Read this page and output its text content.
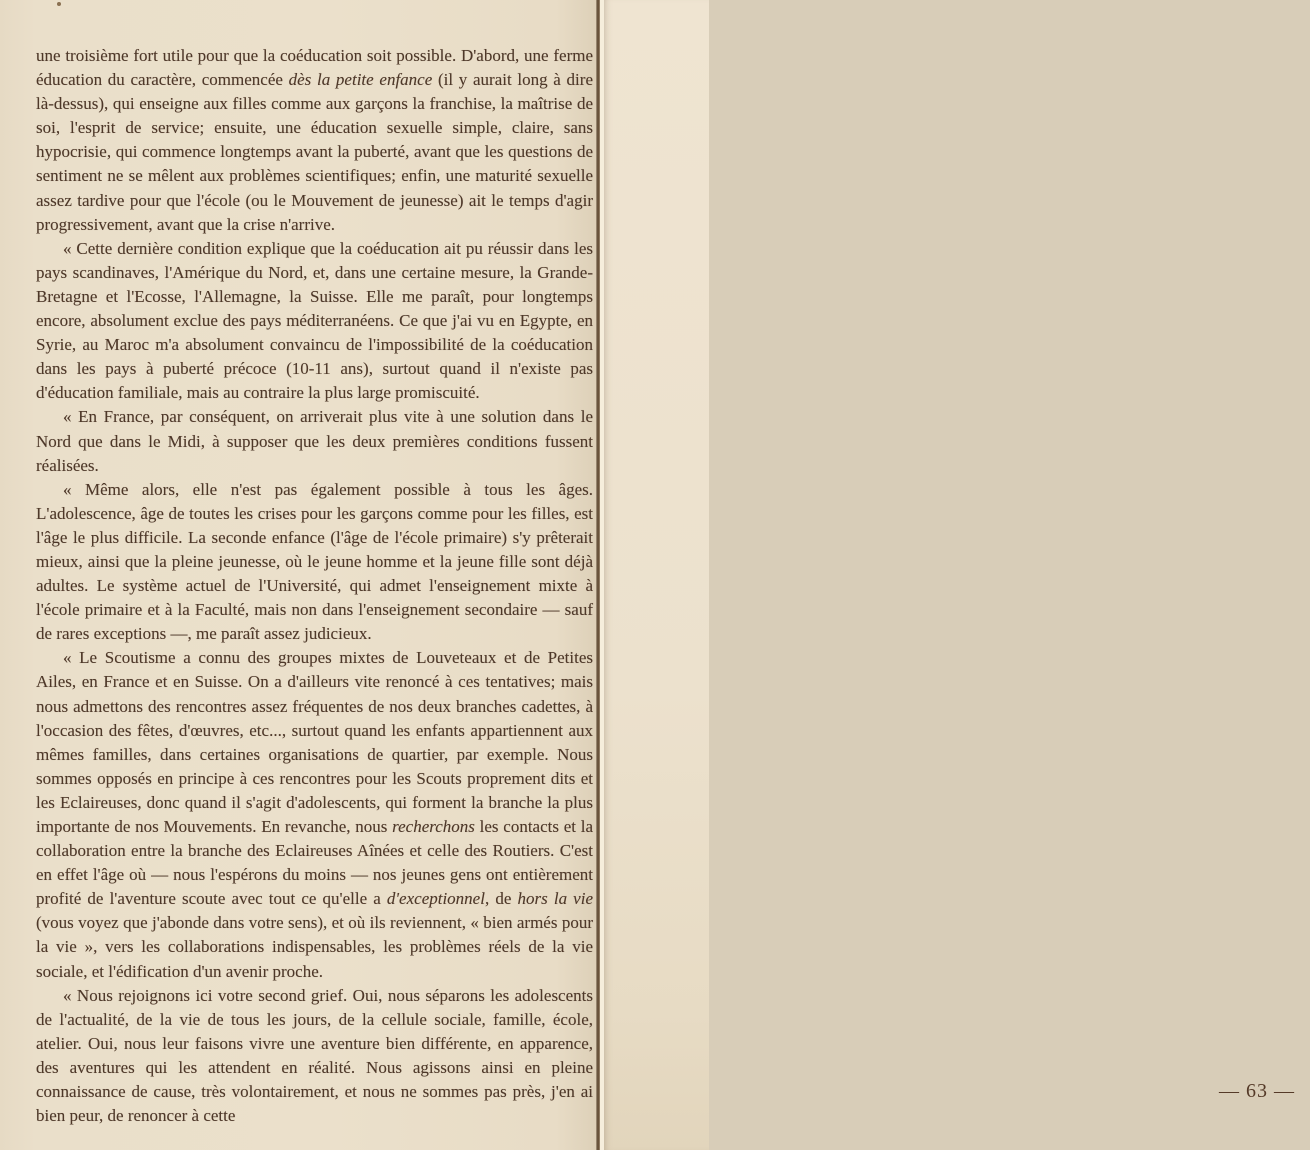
une troisième fort utile pour que la coéducation soit possible. D'abord, une ferme éducation du caractère, commencée dès la petite enfance (il y aurait long à dire là-dessus), qui enseigne aux filles comme aux garçons la franchise, la maîtrise de soi, l'esprit de service; ensuite, une éducation sexuelle simple, claire, sans hypocrisie, qui commence longtemps avant la puberté, avant que les questions de sentiment ne se mêlent aux problèmes scientifiques; enfin, une maturité sexuelle assez tardive pour que l'école (ou le Mouvement de jeunesse) ait le temps d'agir progressivement, avant que la crise n'arrive.

« Cette dernière condition explique que la coéducation ait pu réussir dans les pays scandinaves, l'Amérique du Nord, et, dans une certaine mesure, la Grande-Bretagne et l'Ecosse, l'Allemagne, la Suisse. Elle me paraît, pour longtemps encore, absolument exclue des pays méditerranéens. Ce que j'ai vu en Egypte, en Syrie, au Maroc m'a absolument convaincu de l'impossibilité de la coéducation dans les pays à puberté précoce (10-11 ans), surtout quand il n'existe pas d'éducation familiale, mais au contraire la plus large promiscuité.

« En France, par conséquent, on arriverait plus vite à une solution dans le Nord que dans le Midi, à supposer que les deux premières conditions fussent réalisées.

« Même alors, elle n'est pas également possible à tous les âges. L'adolescence, âge de toutes les crises pour les garçons comme pour les filles, est l'âge le plus difficile. La seconde enfance (l'âge de l'école primaire) s'y prêterait mieux, ainsi que la pleine jeunesse, où le jeune homme et la jeune fille sont déjà adultes. Le système actuel de l'Université, qui admet l'enseignement mixte à l'école primaire et à la Faculté, mais non dans l'enseignement secondaire — sauf de rares exceptions —, me paraît assez judicieux.

« Le Scoutisme a connu des groupes mixtes de Louveteaux et de Petites Ailes, en France et en Suisse. On a d'ailleurs vite renoncé à ces tentatives; mais nous admettons des rencontres assez fréquentes de nos deux branches cadettes, à l'occasion des fêtes, d'œuvres, etc..., surtout quand les enfants appartiennent aux mêmes familles, dans certaines organisations de quartier, par exemple. Nous sommes opposés en principe à ces rencontres pour les Scouts proprement dits et les Eclaireuses, donc quand il s'agit d'adolescents, qui forment la branche la plus importante de nos Mouvements. En revanche, nous recherchons les contacts et la collaboration entre la branche des Eclaireuses Aînées et celle des Routiers. C'est en effet l'âge où — nous l'espérons du moins — nos jeunes gens ont entièrement profité de l'aventure scoute avec tout ce qu'elle a d'exceptionnel, de hors la vie (vous voyez que j'abonde dans votre sens), et où ils reviennent, « bien armés pour la vie », vers les collaborations indispensables, les problèmes réels de la vie sociale, et l'édification d'un avenir proche.

« Nous rejoignons ici votre second grief. Oui, nous séparons les adolescents de l'actualité, de la vie de tous les jours, de la cellule sociale, famille, école, atelier. Oui, nous leur faisons vivre une aventure bien différente, en apparence, des aventures qui les attendent en réalité. Nous agissons ainsi en pleine connaissance de cause, très volontairement, et nous ne sommes pas près, j'en ai bien peur, de renoncer à cette

— 63 —
